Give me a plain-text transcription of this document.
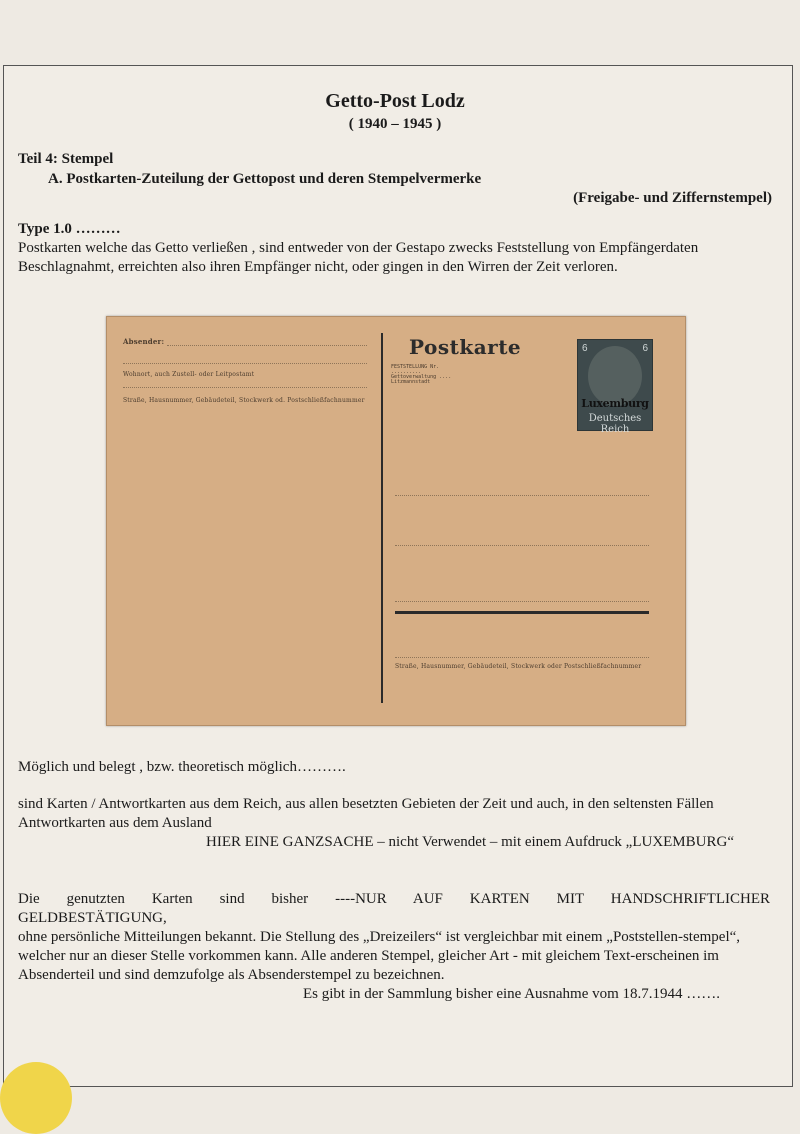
Getto-Post Lodz
( 1940 – 1945 )
Teil 4: Stempel
A. Postkarten-Zuteilung der Gettopost und deren Stempelvermerke
(Freigabe- und Ziffernstempel)
Type 1.0 ………
Postkarten welche das Getto verließen , sind entweder von der Gestapo zwecks Feststellung von Empfängerdaten Beschlagnahmt, erreichten also ihren Empfänger nicht, oder gingen in den Wirren der Zeit verloren.
Absender:
Wohnort, auch Zustell- oder Leitpostamt
Straße, Hausnummer, Gebäudeteil, Stockwerk od. Postschließfachnummer
Postkarte
FESTSTELLUNG Nr. .......... Gettoverwaltung .... Litzmannstadt
6	6
Luxemburg
Deutsches Reich
Straße, Hausnummer, Gebäudeteil, Stockwerk oder Postschließfachnummer
Möglich und belegt , bzw. theoretisch möglich……….
sind Karten / Antwortkarten aus dem Reich, aus allen besetzten Gebieten der Zeit und auch, in den seltensten Fällen Antwortkarten aus dem Ausland
HIER EINE GANZSACHE – nicht Verwendet – mit einem Aufdruck „LUXEMBURG“
Die genutzten Karten sind bisher ----NUR AUF KARTEN MIT HANDSCHRIFTLICHER
GELDBESTÄTIGUNG,
ohne persönliche Mitteilungen bekannt. Die Stellung des „Dreizeilers“ ist vergleichbar mit einem „Poststellen-stempel“, welcher nur an dieser Stelle vorkommen kann. Alle anderen Stempel, gleicher Art - mit gleichem Text-erscheinen im Absenderteil und sind demzufolge als Absenderstempel zu bezeichnen.
Es gibt in der Sammlung bisher eine Ausnahme vom 18.7.1944 …….
